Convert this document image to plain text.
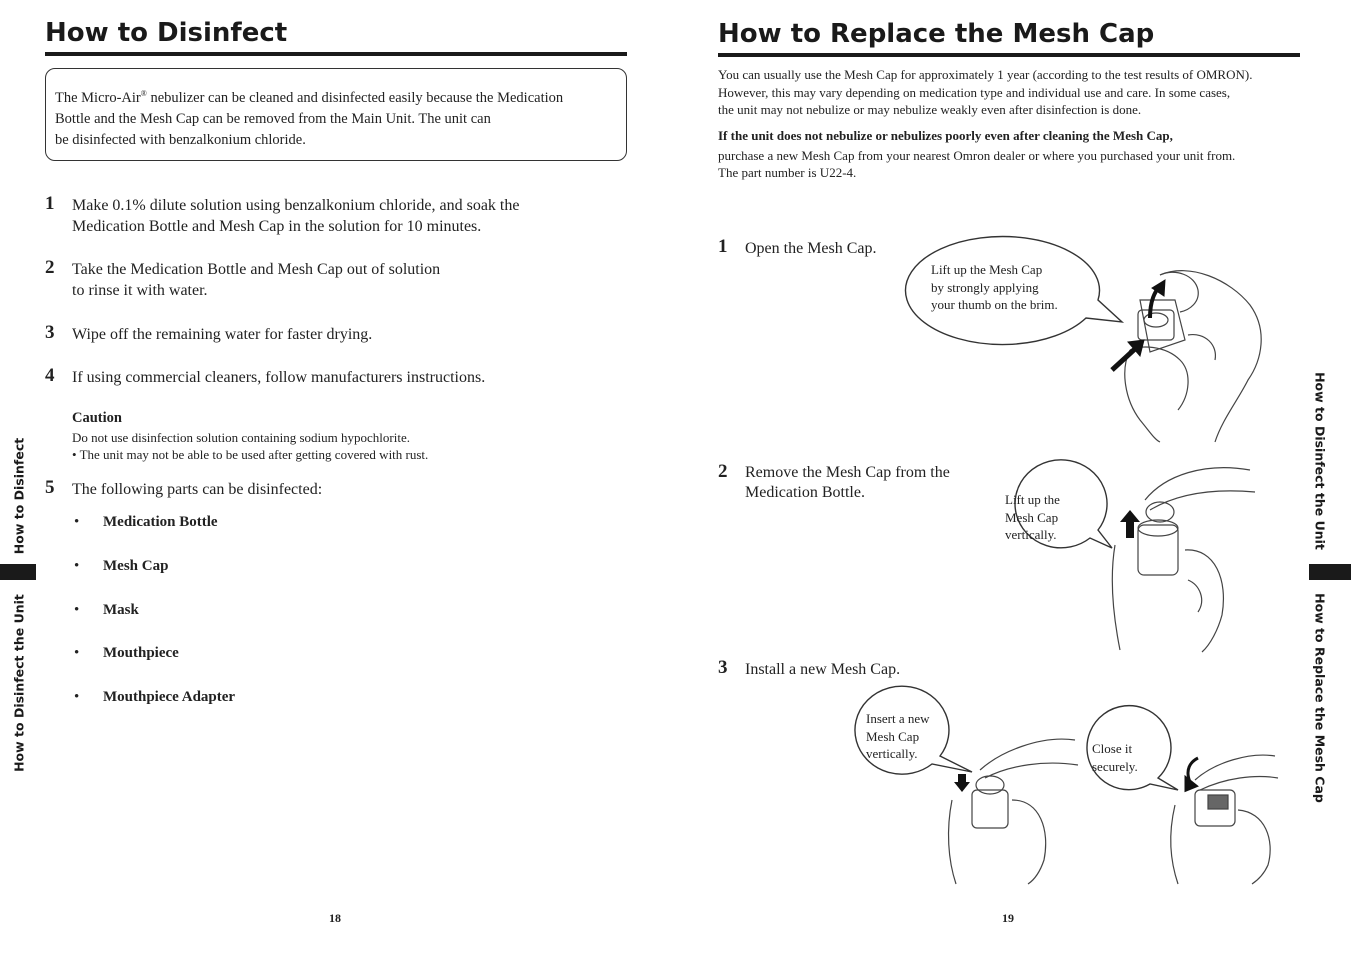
How to Disinfect
The Micro-Air® nebulizer can be cleaned and disinfected easily because the Medication
Bottle and the Mesh Cap can be removed from the Main Unit. The unit can
be disinfected with benzalkonium chloride.
1 Make 0.1% dilute solution using benzalkonium chloride, and soak the
Medication Bottle and Mesh Cap in the solution for 10 minutes.
2 Take the Medication Bottle and Mesh Cap out of solution
to rinse it with water.
3 Wipe off the remaining water for faster drying.
4 If using commercial cleaners, follow manufacturers instructions.
Caution
Do not use disinfection solution containing sodium hypochlorite.
• The unit may not be able to be used after getting covered with rust.
5 The following parts can be disinfected:
• Medication Bottle
• Mesh Cap
• Mask
• Mouthpiece
• Mouthpiece Adapter
How to Disinfect
How to Disinfect the Unit
18
How to Replace the Mesh Cap
You can usually use the Mesh Cap for approximately 1 year (according to the test results of OMRON).
However, this may vary depending on medication type and individual use and care. In some cases,
the unit may not nebulize or may nebulize weakly even after disinfection is done.
If the unit does not nebulize or nebulizes poorly even after cleaning the Mesh Cap,
purchase a new Mesh Cap from your nearest Omron dealer or where you purchased your unit from.
The part number is U22-4.
1 Open the Mesh Cap.
2 Remove the Mesh Cap from the
Medication Bottle.
3 Install a new Mesh Cap.
Lift up the Mesh Cap
by strongly applying
your thumb on the brim.
Lift up the
Mesh Cap
vertically.
Insert a new
Mesh Cap
vertically.	Close it
securely.
How to Disinfect the Unit
How to Replace the Mesh Cap
19
